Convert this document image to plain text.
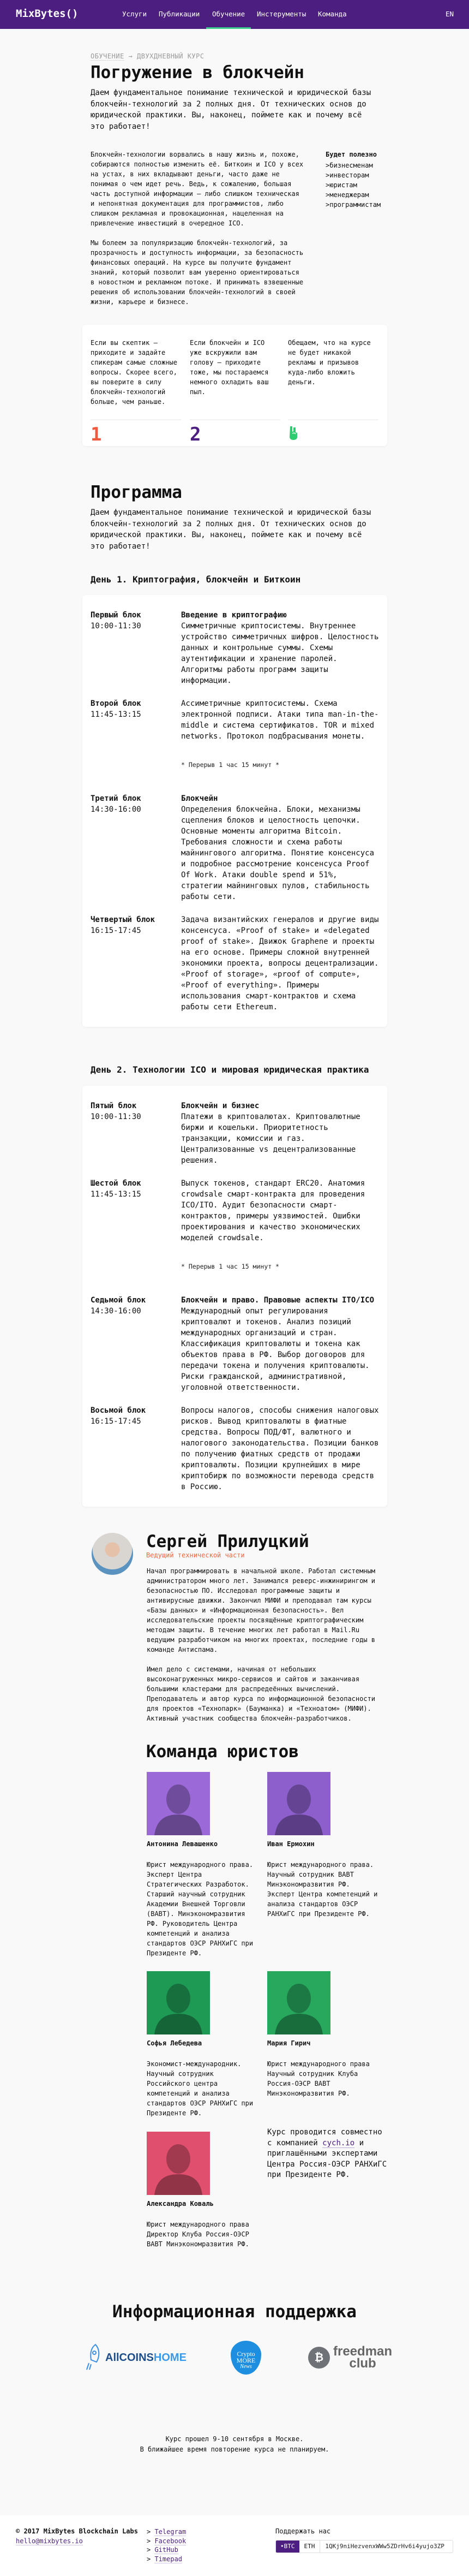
MixBytes()	Услуги Публикации Обучение Инстерументы Команда	EN
ОБУЧЕНИЕ → ДВУХДНЕВНЫЙ КУРС
Погружение в блокчейн
Даем фундаментальное понимание технической и юридической базы блокчейн-технологий за 2 полных дня. От технических основ до юридической практики. Вы, наконец, поймете как и почему всё это работает!

Блокчейн-технологии ворвались в нашу жизнь и, похоже, собираются полностью изменить её. Биткоин и ICO у всех на устах, в них вкладывают деньги, часто даже не понимая о чем идет речь. Ведь, к сожалению, большая часть доступной информации – либо слишком техническая и непонятная документация для программистов, либо слишком рекламная и провокационная, нацеленная на привлечение инвестиций в очередное ICO.

Мы болеем за популяризацию блокчейн-технологий, за прозрачность и доступность информации, за безопасность финансовых операций. На курсе вы получите фундамент знаний, который позволит вам уверенно ориентироваться в новостном и рекламном потоке. И принимать взвешенные решения об использовании блокчейн-технологий в своей жизни, карьере и бизнесе.

Будет полезно
>бизнесменам
>инвесторам
>юристам
>менеджерам
>программистам
Если вы скептик – приходите и задайте спикерам самые сложные вопросы. Скорее всего, вы поверите в силу блокчейн-технологий больше, чем раньше.
1
Если блокчейн и ICO уже вскружили вам голову – приходите тоже, мы постараемся немного охладить ваш пыл.
2
Обещаем, что на курсе не будет никакой рекламы и призывов куда-либо вложить деньги.
Программа
Даем фундаментальное понимание технической и юридической базы блокчейн-технологий за 2 полных дня. От технических основ до юридической практики. Вы, наконец, поймете как и почему всё это работает!
День 1. Криптография, блокчейн и Биткоин
Первый блок
10:00-11:30
Введение в криптографию
Симметричные криптосистемы. Внутреннее устройство симметричных шифров. Целостность данных и контрольные суммы. Схемы аутентификации и хранение паролей. Алгоритмы работы программ защиты информации.
Второй блок
11:45-13:15
Ассиметричные криптосистемы. Схема электронной подписи. Атаки типа man-in-the-middle и система сертификатов. TOR и mixed networks. Протокол подбрасывания монеты.
* Перерыв 1 час 15 минут *
Третий блок
14:30-16:00
Блокчейн
Определения блокчейна. Блоки, механизмы сцепления блоков и целостность цепочки. Основные моменты алгоритма Bitcoin. Требования сложности и схема работы майнингового алгоритма. Понятие консенсуса и подробное рассмотрение консенсуса Proof Of Work. Атаки double spend и 51%, стратегии майнинговых пулов, стабильность работы сети.
Четвертый блок
16:15-17:45
Задача византийских генералов и другие виды консенсуса. «Proof of stake» и «delegated proof of stake». Движок Graphene и проекты на его основе. Примеры сложной внутренней экономики проекта, вопросы децентрализации. «Proof of storage», «proof of compute», «Proof of everything». Примеры использования смарт-контрактов и схема работы сети Ethereum.
День 2. Технологии ICO и мировая юридическая практика
Пятый блок
10:00-11:30
Блокчейн и бизнес
Платежи в криптовалютах. Криптовалютные биржи и кошельки. Приоритетность транзакции, комиссии и газ. Централизованные vs децентрализованные решения.
Шестой блок
11:45-13:15
Выпуск токенов, стандарт ERC20. Анатомия crowdsale смарт-контракта для проведения ICO/ITO. Аудит безопасности смарт-контрактов, примеры уязвимостей. Ошибки проектирования и качество экономических моделей crowdsale.
* Перерыв 1 час 15 минут *
Седьмой блок
14:30-16:00
Блокчейн и право. Правовые аспекты ITO/ICO
Международный опыт регулирования криптовалют и токенов. Анализ позиций международных организаций и стран. Классификация криптовалюты и токена как объектов права в РФ. Выбор договоров для передачи токена и получения криптовалюты. Риски гражданской, административной, уголовной ответственности.
Восьмой блок
16:15-17:45
Вопросы налогов, способы снижения налоговых рисков. Вывод криптовалюты в фиатные средства. Вопросы ПОД/ФТ, валютного и налогового законодательства. Позиции банков по получению фиатных средств от продажи криптовалюты. Позиции крупнейших в мире криптобирж по возможности перевода средств в Россию.
Сергей Прилуцкий
Ведущий технической части

Начал программировать в начальной школе. Работал системным администратором много лет. Занимался реверс-инжинирингом и безопасностью ПО. Исследовал программные защиты и антивирусные движки. Закончил МИФИ и преподавал там курсы «Базы данных» и «Информационная безопасность». Вел исследовательские проекты посвящённые криптографическим методам защиты. В течение многих лет работал в Mail.Ru ведущим разработчиком на многих проектах, последние годы в команде Антиспама.

Имел дело с системами, начиная от небольших высоконагруженных микро-сервисов и сайтов и заканчивая большими кластерами для распредеённых вычислений. Преподаватель и автор курса по информационной безопасности для проектов «Технопарк» (Бауманка) и «Техноатом» (МИФИ). Активный участник сообщества блокчейн-разработчиков.

Команда юристов
Антонина Левашенко
Юрист международного права. Эксперт Центра Стратегических Разработок. Старший научный сотрудник Академии Внешней Торговли (ВАВТ). Минэкономразвития РФ. Руководитель Центра компетенций и анализа стандартов ОЭСР РАНХиГС при Президенте РФ.
Иван Ермохин
Юрист международного права. Научный сотрудник ВАВТ Минэкономразвития РФ. Эксперт Центра компетенций и анализа стандартов ОЭСР РАНХиГС при Президенте РФ.
Софья Лебедева
Экономист-международник. Научный сотрудник Российского центра компетенций и анализа стандартов ОЭСР РАНХиГС при Президенте РФ.
Мария Гирич
Юрист международного права Научный сотрудник Клуба Россия-ОЭСР ВАВТ Минэкономразвития РФ.
Александра Коваль
Юрист международного права Директор Клуба Россия-ОЭСР ВАВТ Минэкономразвития РФ.
Курс проводится совместно с компанией cych.io и приглашёнными экспертами Центра Россия-ОЭСР РАНХиГС при Президенте РФ.
Информационная поддержка
AllCOINS HOME	Crypto
MORE
News
₿ freedman
club
Курс прошел 9-10 сентября в Москве.
В ближайшее время повторение курса не планируем.
© 2017 MixBytes Blockchain Labs
hello@mixbytes.io
> Telegram
> Facebook
> GitHub
> Timepad
Поддержать нас
•BTC	ETH	1QKj9niHezvenxWWw5ZDrHv6i4yujo3ZP
